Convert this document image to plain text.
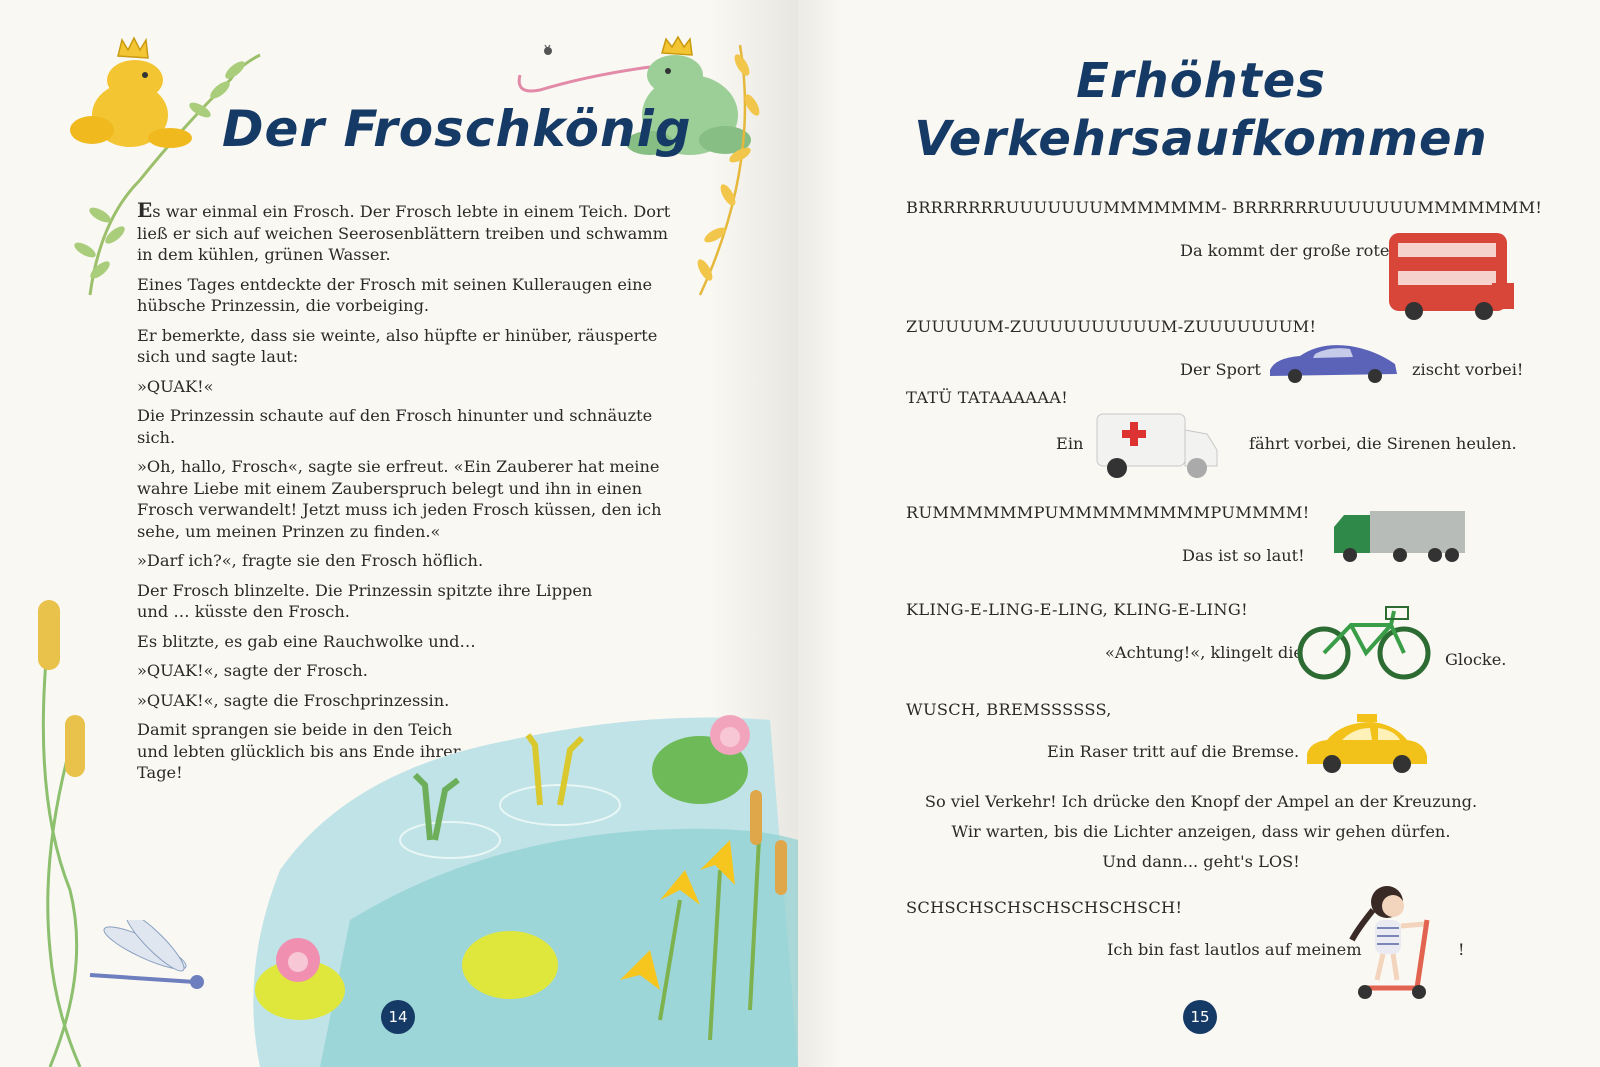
Der Froschkönig

Es war einmal ein Frosch. Der Frosch lebte in einem Teich. Dort ließ er sich auf weichen Seerosenblättern treiben und schwamm in dem kühlen, grünen Wasser.

Eines Tages entdeckte der Frosch mit seinen Kulleraugen eine hübsche Prinzessin, die vorbeiging.

Er bemerkte, dass sie weinte, also hüpfte er hinüber, räusperte sich und sagte laut:

»QUAK!«

Die Prinzessin schaute auf den Frosch hinunter und schnäuzte sich.

»Oh, hallo, Frosch«, sagte sie erfreut. «Ein Zauberer hat meine wahre Liebe mit einem Zauberspruch belegt und ihn in einen Frosch verwandelt! Jetzt muss ich jeden Frosch küssen, den ich sehe, um meinen Prinzen zu finden.«

»Darf ich?«, fragte sie den Frosch höflich.

Der Frosch blinzelte. Die Prinzessin spitzte ihre Lippen und … küsste den Frosch.

Es blitzte, es gab eine Rauchwolke und…

»QUAK!«, sagte der Frosch.

»QUAK!«, sagte die Froschprinzessin.

Damit sprangen sie beide in den Teich und lebten glücklich bis ans Ende ihrer Tage!

14
Erhöhtes
Verkehrsaufkommen
BRRRRRRRUUUUUUUMMMMMMM- BRRRRRRUUUUUUUMMMMMMM!
Da kommt der große rote
ZUUUUUM-ZUUUUUUUUUUM-ZUUUUUUUM!
Der Sport	zischt vorbei!
TATÜ TATAAAAAA!
Ein	fährt vorbei, die Sirenen heulen.
RUMMMMMMPUMMMMMMMMMPUMMMM!
Das ist so laut!
KLING-E-LING-E-LING, KLING-E-LING!
«Achtung!«, klingelt die	Glocke.
WUSCH, BREMSSSSSS,
Ein Raser tritt auf die Bremse.
So viel Verkehr! Ich drücke den Knopf der Ampel an der Kreuzung.
Wir warten, bis die Lichter anzeigen, dass wir gehen dürfen.
Und dann... geht's LOS!
SCHSCHSCHSCHSCHSCHSCH!
Ich bin fast lautlos auf meinem	!
15
